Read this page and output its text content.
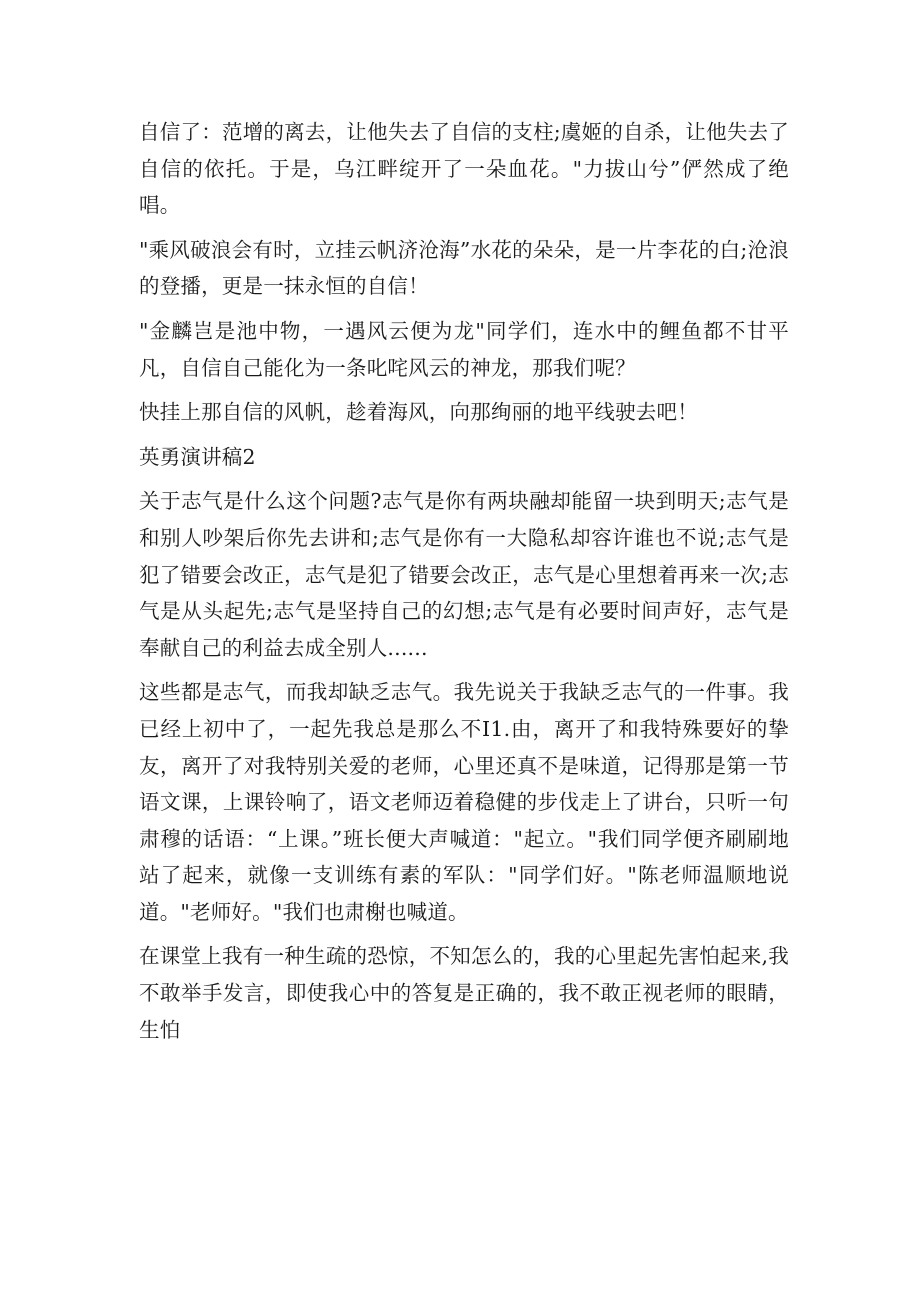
自信了：范增的离去，让他失去了自信的支柱;虞姬的自杀，让他失去了自信的依托。于是，乌江畔绽开了一朵血花。"力拔山兮”俨然成了绝唱。

"乘风破浪会有时，立挂云帆济沧海”水花的朵朵，是一片李花的白;沧浪的登播，更是一抹永恒的自信！

"金麟岂是池中物，一遇风云便为龙"同学们，连水中的鲤鱼都不甘平凡，自信自己能化为一条叱咤风云的神龙，那我们呢？

快挂上那自信的风帆，趁着海风，向那绚丽的地平线驶去吧！

英勇演讲稿2

关于志气是什么这个问题?志气是你有两块融却能留一块到明天;志气是和别人吵架后你先去讲和;志气是你有一大隐私却容许谁也不说;志气是犯了错要会改正，志气是犯了错要会改正，志气是心里想着再来一次;志气是从头起先;志气是坚持自己的幻想;志气是有必要时间声好，志气是奉献自己的利益去成全别人......

这些都是志气，而我却缺乏志气。我先说关于我缺乏志气的一件事。我已经上初中了，一起先我总是那么不I1.由，离开了和我特殊要好的挚友，离开了对我特别关爱的老师，心里还真不是味道，记得那是第一节语文课，上课铃响了，语文老师迈着稳健的步伐走上了讲台，只听一句肃穆的话语：“上课。”班长便大声喊道："起立。"我们同学便齐刷刷地站了起来，就像一支训练有素的军队："同学们好。"陈老师温顺地说道。"老师好。"我们也肃榭也喊道。

在课堂上我有一种生疏的恐惊，不知怎么的，我的心里起先害怕起来,我不敢举手发言，即使我心中的答复是正确的，我不敢正视老师的眼睛，生怕
